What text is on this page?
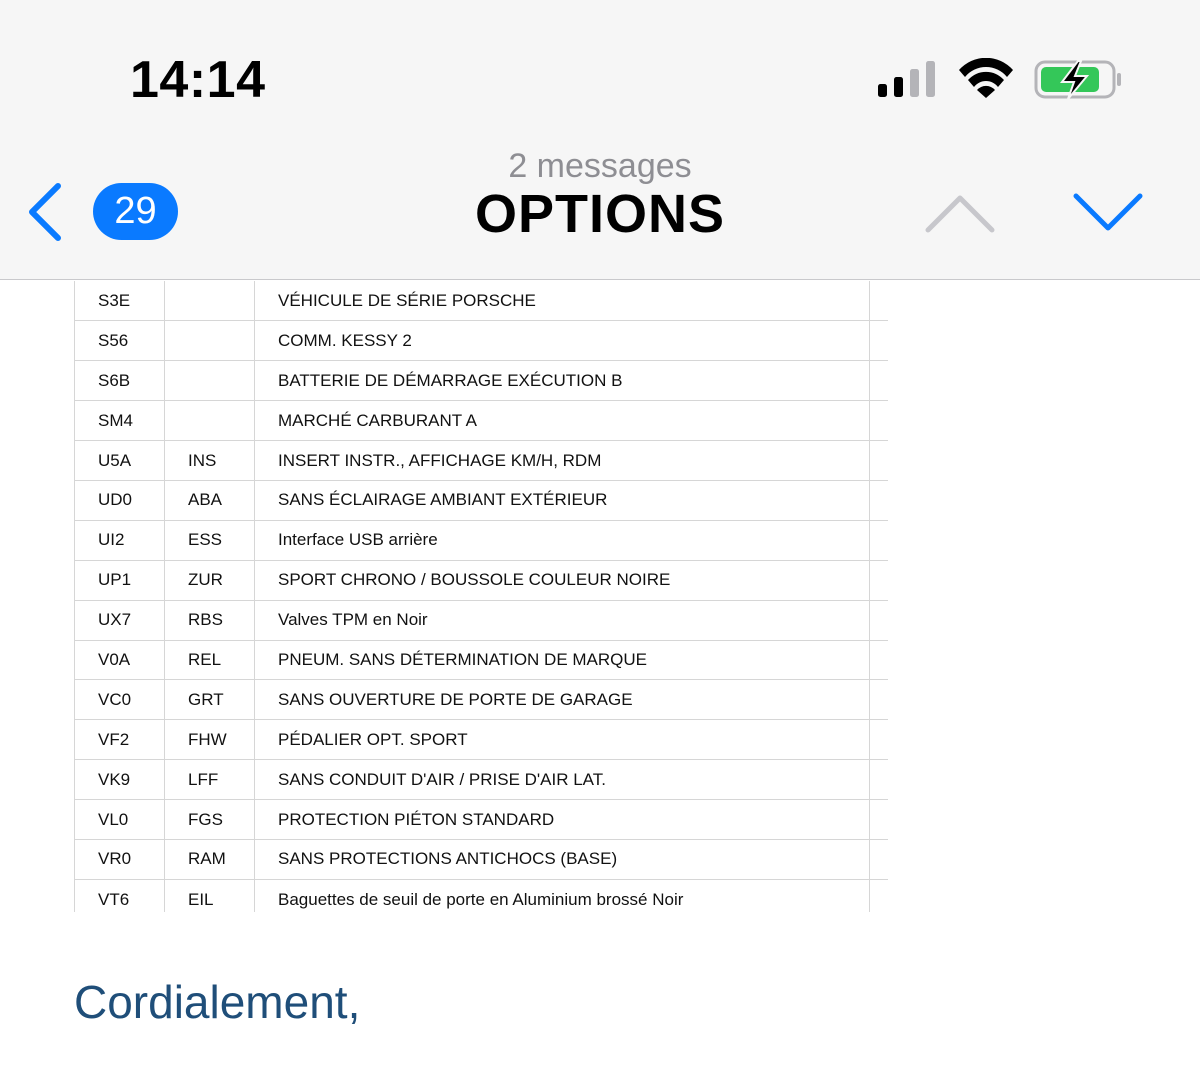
14:14
29
2 messages
OPTIONS
S3E		VÉHICULE DE SÉRIE PORSCHE	
S56		COMM. KESSY 2	
S6B		BATTERIE DE DÉMARRAGE EXÉCUTION B	
SM4		MARCHÉ CARBURANT A	
U5A	INS	INSERT INSTR., AFFICHAGE KM/H, RDM	
UD0	ABA	SANS ÉCLAIRAGE AMBIANT EXTÉRIEUR	
UI2	ESS	Interface USB arrière	
UP1	ZUR	SPORT CHRONO / BOUSSOLE COULEUR NOIRE	
UX7	RBS	Valves TPM en Noir	
V0A	REL	PNEUM. SANS DÉTERMINATION DE MARQUE	
VC0	GRT	SANS OUVERTURE DE PORTE DE GARAGE	
VF2	FHW	PÉDALIER OPT. SPORT	
VK9	LFF	SANS CONDUIT D'AIR / PRISE D'AIR LAT.	
VL0	FGS	PROTECTION PIÉTON STANDARD	
VR0	RAM	SANS PROTECTIONS ANTICHOCS (BASE)	
VT6	EIL	Baguettes de seuil de porte en Aluminium brossé Noir	
Cordialement,
